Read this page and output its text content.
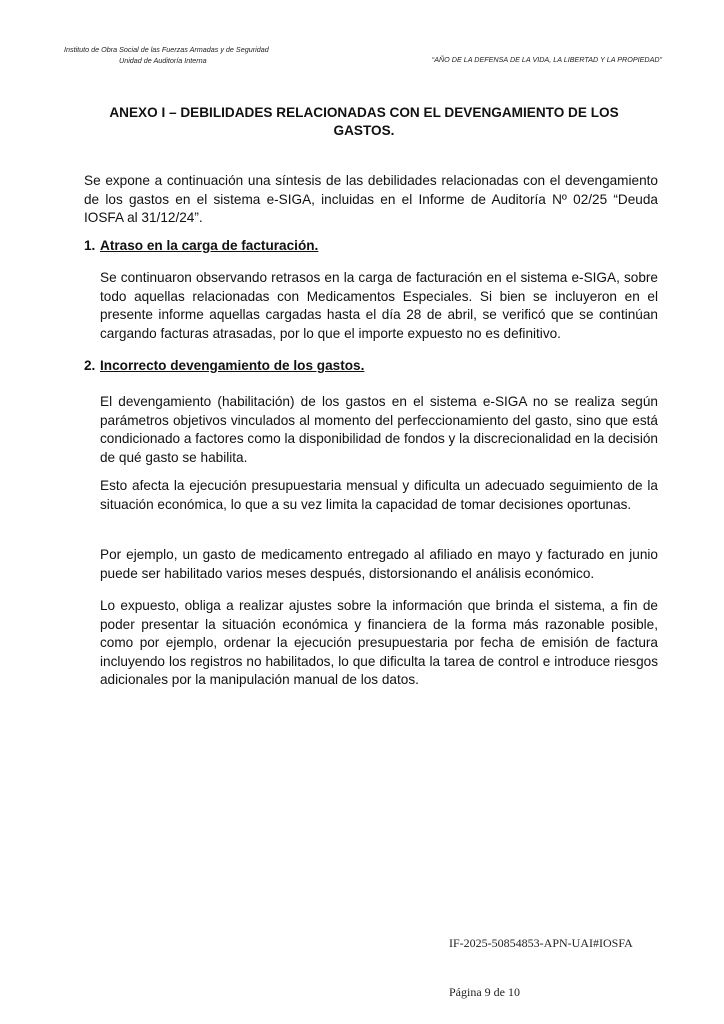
Instituto de Obra Social de las Fuerzas Armadas y de Seguridad
Unidad de Auditoría Interna	“AÑO DE LA DEFENSA DE LA VIDA, LA LIBERTAD Y LA PROPIEDAD”
ANEXO I – DEBILIDADES RELACIONADAS CON EL DEVENGAMIENTO DE LOS GASTOS.
Se expone a continuación una síntesis de las debilidades relacionadas con el devengamiento de los gastos en el sistema e-SIGA, incluidas en el Informe de Auditoría Nº 02/25 “Deuda IOSFA al 31/12/24”.
1. Atraso en la carga de facturación.
Se continuaron observando retrasos en la carga de facturación en el sistema e-SIGA, sobre todo aquellas relacionadas con Medicamentos Especiales. Si bien se incluyeron en el presente informe aquellas cargadas hasta el día 28 de abril, se verificó que se continúan cargando facturas atrasadas, por lo que el importe expuesto no es definitivo.
2. Incorrecto devengamiento de los gastos.
El devengamiento (habilitación) de los gastos en el sistema e-SIGA no se realiza según parámetros objetivos vinculados al momento del perfeccionamiento del gasto, sino que está condicionado a factores como la disponibilidad de fondos y la discrecionalidad en la decisión de qué gasto se habilita.
Esto afecta la ejecución presupuestaria mensual y dificulta un adecuado seguimiento de la situación económica, lo que a su vez limita la capacidad de tomar decisiones oportunas.
Por ejemplo, un gasto de medicamento entregado al afiliado en mayo y facturado en junio puede ser habilitado varios meses después, distorsionando el análisis económico.
Lo expuesto, obliga a realizar ajustes sobre la información que brinda el sistema, a fin de poder presentar la situación económica y financiera de la forma más razonable posible, como por ejemplo, ordenar la ejecución presupuestaria por fecha de emisión de factura incluyendo los registros no habilitados, lo que dificulta la tarea de control e introduce riesgos adicionales por la manipulación manual de los datos.
IF-2025-50854853-APN-UAI#IOSFA
Página 9 de 10
